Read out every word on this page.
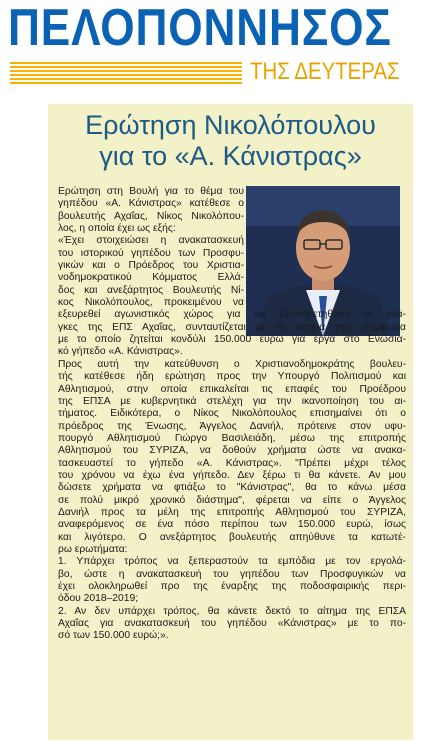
ΠΕΛΟΠΟΝΝΗΣΟΣ
ΤΗΣ ΔΕΥΤΕΡΑΣ
Ερώτηση Νικολόπουλου
για το «Α. Κάνιστρας»
Ερώτηση στη Βουλή για το θέμα του
γηπέδου «Α. Κάνιστρας» κατέθεσε ο
βουλευτής Αχαΐας, Νίκος Νικολόπου-
λος, η οποία έχει ως εξής:
«Έχει στοιχειώσει η ανακατασκευή
του ιστορικού γηπέδου των Προσφυ-
γικών και ο Πρόεδρος του Χριστια-
νοδημοκρατικού Κόμματος Ελλά-
δος και ανεξάρτητος Βουλευτής Νί-
κος Νικολόπουλος, προκειμένου να
εξευρεθεί αγωνιστικός χώρος για να εξυπηρετηθούν οι ανά-
γκες της ΕΠΣ Αχαΐας, συνταυτίζεται με το αίτημά της, σύμφωνα
με το οποίο ζητείται κονδύλι 150.000 ευρώ για έργα στο Ενωσια-
κό γήπεδο «Α. Κάνιστρας».
Προς αυτή την κατεύθυνση ο Χριστιανοδημοκράτης βουλευ-
τής κατέθεσε ήδη ερώτηση προς την Υπουργό Πολιτισμού και
Αθλητισμού, στην οποία επικαλείται τις επαφές του Προέδρου
της ΕΠΣΑ με κυβερνητικά στελέχη για την ικανοποίηση του αι-
τήματος. Ειδικότερα, ο Νίκος Νικολόπουλος επισημαίνει ότι ο
πρόεδρος της Ένωσης, Άγγελος Δανιήλ, πρότεινε στον υφυ-
πουργό Αθλητισμού Γιώργο Βασιλειάδη, μέσω της επιτροπής
Αθλητισμού του ΣΥΡΙΖΑ, να δοθούν χρήματα ώστε να ανακα-
τασκευαστεί το γήπεδο «Α. Κάνιστρας». "Πρέπει μέχρι τέλος
του χρόνου να έχω ένα γήπεδο. Δεν ξέρω τι θα κάνετε. Αν μου
δώσετε χρήματα να φτιάξω το "Κάνιστρας", θα το κάνω μέσα
σε πολύ μικρό χρονικό διάστημα", φέρεται να είπε ο Άγγελος
Δανιήλ προς τα μέλη της επιτροπής Αθλητισμού του ΣΥΡΙΖΑ,
αναφερόμενος σε ένα πόσο περίπου των 150.000 ευρώ, ίσως
και λιγότερο. Ο ανεξάρτητος βουλευτής απηύθυνε τα κατωτέ-
ρω ερωτήματα:
1. Υπάρχει τρόπος να ξεπεραστούν τα εμπόδια με τον εργολά-
βο, ώστε η ανακατασκευή του γηπέδου των Προσφυγικών να
έχει ολοκληρωθεί προ της έναρξης της ποδοσφαιρικής περι-
όδου 2018–2019;
2. Αν δεν υπάρχει τρόπος, θα κάνετε δεκτό το αίτημα της ΕΠΣΑ
Αχαΐας για ανακατασκευή του γηπέδου «Κάνιστρας» με το πο-
σό των 150.000 ευρώ;».
